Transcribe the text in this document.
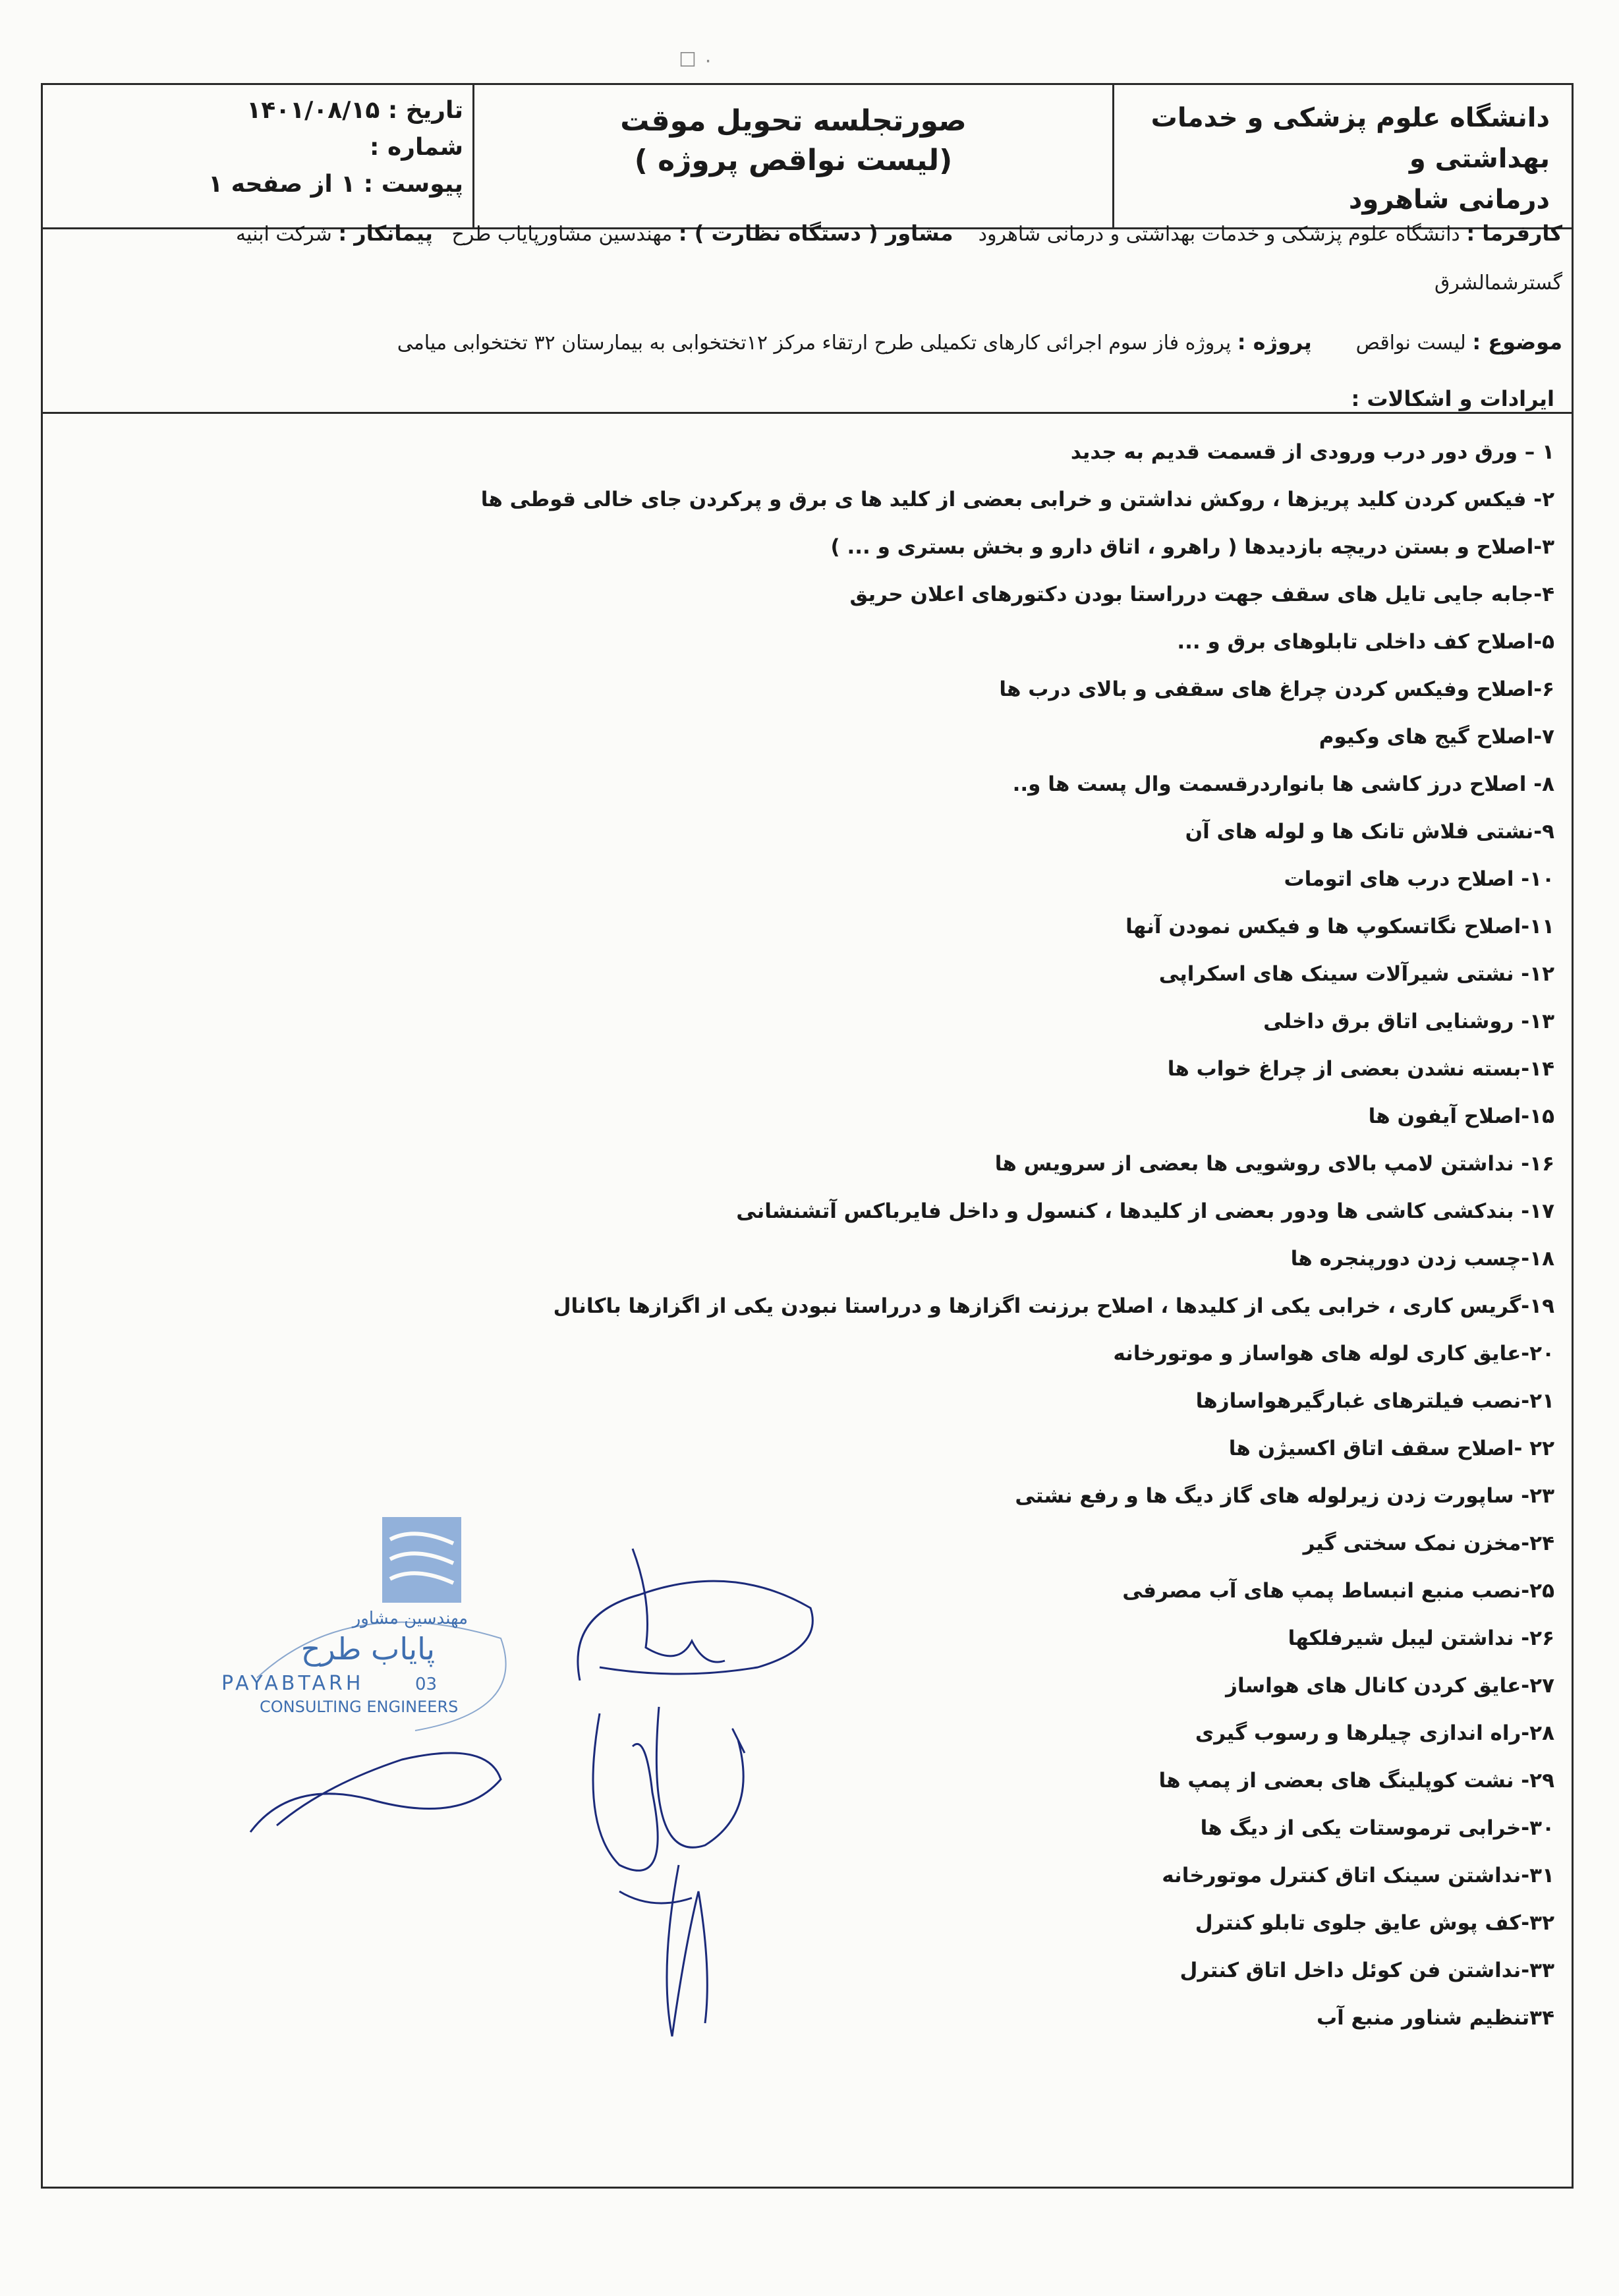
☐ ٠
دانشگاه علوم پزشکی و خدمات بهداشتی و
درمانی شاهرود
صورتجلسه تحویل موقت
(لیست نواقص پروژه )
تاریخ : ۱۴۰۱/۰۸/۱۵
شماره :
پیوست : ۱ از صفحه ۱
کارفرما : دانشگاه علوم پزشکی و خدمات بهداشتی و درمانی شاهرود    مشاور ( دستگاه نظارت ) : مهندسین مشاورپایاب طرح   پیمانکار : شرکت ابنیه
گسترشمالشرق
موضوع : لیست نواقص       پروژه : پروژه فاز سوم اجرائی کارهای تکمیلی طرح ارتقاء مرکز ۱۲تختخوابی به بیمارستان ۳۲ تختخوابی میامی
ایرادات و اشکالات :
۱ – ورق دور درب ورودی از قسمت قدیم به جدید
۲- فیکس کردن کلید پریزها ، روکش نداشتن و خرابی بعضی از کلید ها ی برق و پرکردن جای خالی قوطی ها
۳-اصلاح و بستن دریچه بازدیدها ( راهرو ، اتاق دارو و بخش بستری و ... )
۴-جابه جایی تایل های سقف جهت درراستا بودن دکتورهای اعلان حریق
۵-اصلاح کف داخلی تابلوهای برق و ...
۶-اصلاح وفیکس کردن چراغ های سقفی و بالای درب ها
۷-اصلاح گیج های وکیوم
۸- اصلاح درز کاشی ها بانواردرقسمت وال پست ها و..
۹-نشتی فلاش تانک ها و لوله های آن
۱۰- اصلاح درب های اتومات
۱۱-اصلاح نگاتسکوپ ها و فیکس نمودن آنها
۱۲- نشتی شیرآلات سینک های اسکراپی
۱۳- روشنایی اتاق برق داخلی
۱۴-بسته نشدن بعضی از چراغ خواب ها
۱۵-اصلاح آیفون ها
۱۶- نداشتن لامپ بالای روشویی ها بعضی از سرویس ها
۱۷- بندکشی کاشی ها ودور بعضی از کلیدها ، کنسول و داخل فایرباکس آتشنشانی
۱۸-چسب زدن دورپنجره ها
۱۹-گریس کاری ، خرابی یکی از کلیدها ، اصلاح برزنت اگزازها و درراستا نبودن یکی از اگزازها باکانال
۲۰-عایق کاری لوله های هواساز و موتورخانه
۲۱-نصب فیلترهای غبارگیرهواسازها
۲۲ -اصلاح سقف اتاق اکسیژن ها
۲۳- ساپورت زدن زیرلوله های گاز دیگ ها و رفع نشتی
۲۴-مخزن نمک سختی گیر
۲۵-نصب منبع انبساط پمپ های آب مصرفی
۲۶- نداشتن لیبل شیرفلکها
۲۷-عایق کردن کانال های هواساز
۲۸-راه اندازی چیلرها و رسوب گیری
۲۹- نشت کوپلینگ های بعضی از پمپ ها
۳۰-خرابی ترموستات یکی از دیگ ها
۳۱-نداشتن سینک اتاق کنترل موتورخانه
۳۲-کف پوش عایق جلوی تابلو کنترل
۳۳-نداشتن فن کوئل داخل اتاق کنترل
۳۴تنظیم شناور منبع آب
مهندسین مشاور
پایاب طرح
PAYABTARH	03
CONSULTING ENGINEERS
